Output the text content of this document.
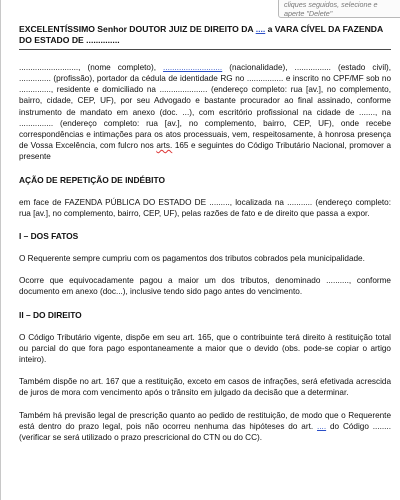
cliques seguidos, selecione e aperte "Delete"
EXCELENTÍSSIMO Senhor DOUTOR JUIZ DE DIREITO DA .... a VARA CÍVEL DA FAZENDA DO ESTADO DE ..............

.........................., (nome completo), .......................... (nacionalidade), ................ (estado civil), .............. (profissão), portador da cédula de identidade RG no ................ e inscrito no CPF/MF sob no .............., residente e domiciliado na ..................... (endereço completo: rua [av.], no complemento, bairro, cidade, CEP, UF), por seu Advogado e bastante procurador ao final assinado, conforme instrumento de mandato em anexo (doc. ...), com escritório profissional na cidade de ......., na ............... (endereço completo: rua [av.], no complemento, bairro, CEP, UF), onde recebe correspondências e intimações para os atos processuais, vem, respeitosamente, à honrosa presença de Vossa Excelência, com fulcro nos arts. 165 e seguintes do Código Tributário Nacional, promover a presente

AÇÃO DE REPETIÇÃO DE INDÉBITO

em face de FAZENDA PÚBLICA DO ESTADO DE ........., localizada na ........... (endereço completo: rua [av.], no complemento, bairro, CEP, UF), pelas razões de fato e de direito que passa a expor.

I – DOS FATOS

O Requerente sempre cumpriu com os pagamentos dos tributos cobrados pela municipalidade.

Ocorre que equivocadamente pagou a maior um dos tributos, denominado .........., conforme documento em anexo (doc...), inclusive tendo sido pago antes do vencimento.

II – DO DIREITO

O Código Tributário vigente, dispõe em seu art. 165, que o contribuinte terá direito à restituição total ou parcial do que fora pago espontaneamente a maior que o devido (obs. pode-se copiar o artigo inteiro).

Também dispõe no art. 167 que a restituição, exceto em casos de infrações, será efetivada acrescida de juros de mora com vencimento após o trânsito em julgado da decisão que a determinar.

Também há previsão legal de prescrição quanto ao pedido de restituição, de modo que o Requerente está dentro do prazo legal, pois não ocorreu nenhuma das hipóteses do art. .... do Código ........ (verificar se será utilizado o prazo prescricional do CTN ou do CC).
